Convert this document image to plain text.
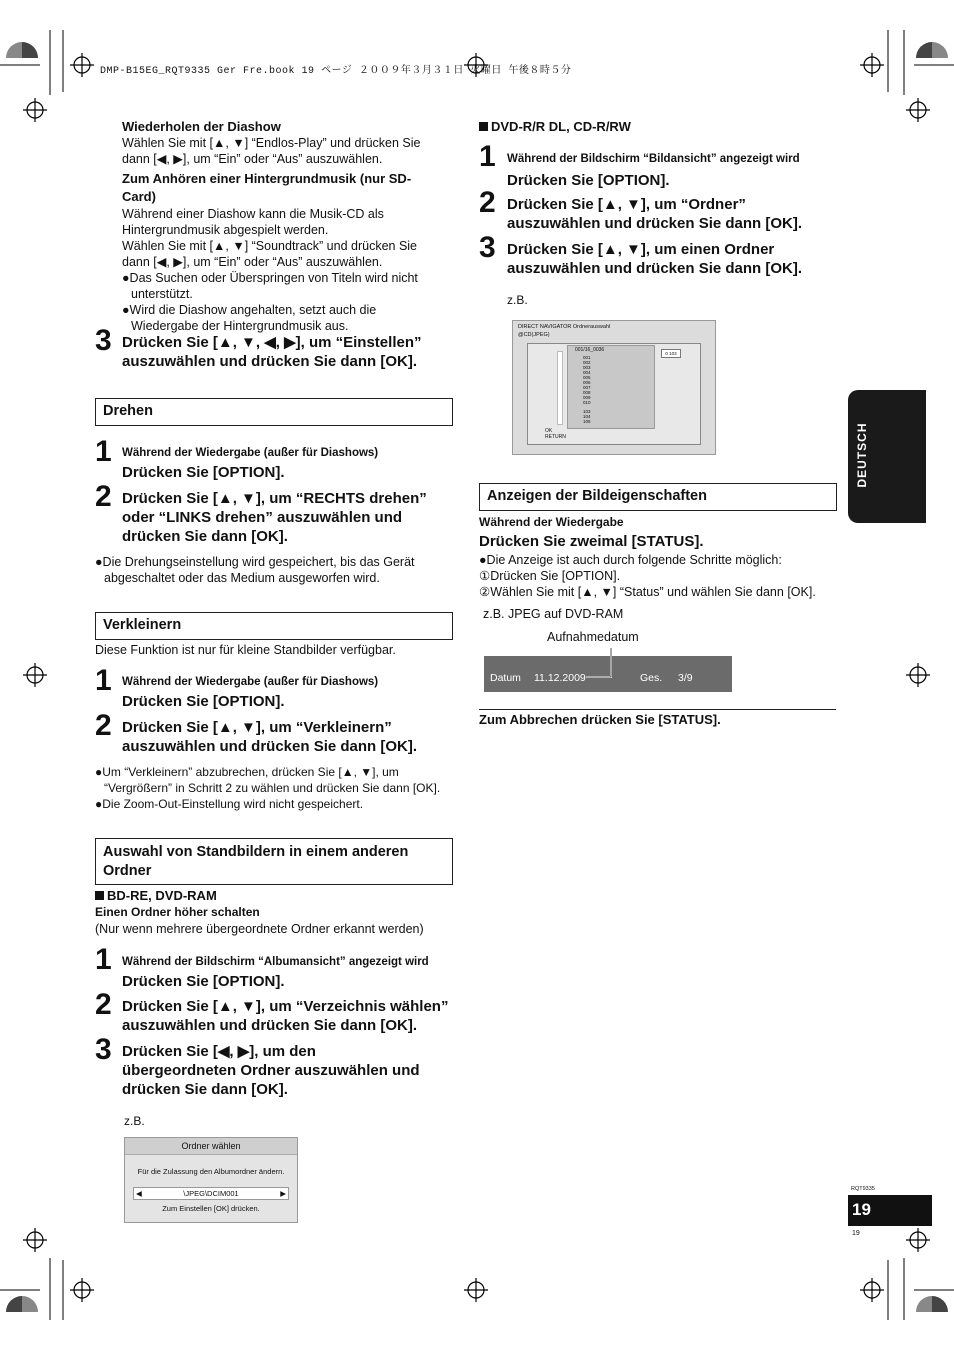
DMP-B15EG_RQT9335 Ger Fre.book 19 ページ ２００９年３月３１日 火曜日 午後８時５分
DEUTSCH
Wiederholen der Diashow
Wählen Sie mit [▲, ▼] “Endlos-Play” und drücken Sie
dann [◀, ▶], um “Ein” oder “Aus” auszuwählen.
Zum Anhören einer Hintergrundmusik (nur SD-
Card)
Während einer Diashow kann die Musik-CD als
Hintergrundmusik abgespielt werden.
Wählen Sie mit [▲, ▼] “Soundtrack” und drücken Sie
dann [◀, ▶], um “Ein” oder “Aus” auszuwählen.
●Das Suchen oder Überspringen von Titeln wird nicht
unterstützt.
●Wird die Diashow angehalten, setzt auch die
Wiedergabe der Hintergrundmusik aus.
3 Drücken Sie [▲, ▼, ◀, ▶], um “Einstellen”
auszuwählen und drücken Sie dann [OK].
Drehen
1 Während der Wiedergabe (außer für Diashows)
Drücken Sie [OPTION].
2 Drücken Sie [▲, ▼], um “RECHTS drehen”
oder “LINKS drehen” auszuwählen und
drücken Sie dann [OK].
●Die Drehungseinstellung wird gespeichert, bis das Gerät
abgeschaltet oder das Medium ausgeworfen wird.
Verkleinern
Diese Funktion ist nur für kleine Standbilder verfügbar.
1 Während der Wiedergabe (außer für Diashows)
Drücken Sie [OPTION].
2 Drücken Sie [▲, ▼], um “Verkleinern”
auszuwählen und drücken Sie dann [OK].
●Um “Verkleinern” abzubrechen, drücken Sie [▲, ▼], um
“Vergrößern” in Schritt 2 zu wählen und drücken Sie dann [OK].
●Die Zoom-Out-Einstellung wird nicht gespeichert.
Auswahl von Standbildern in einem anderen
Ordner
BD-RE, DVD-RAM
Einen Ordner höher schalten
(Nur wenn mehrere übergeordnete Ordner erkannt werden)
1 Während der Bildschirm “Albumansicht” angezeigt wird
Drücken Sie [OPTION].
2 Drücken Sie [▲, ▼], um “Verzeichnis wählen”
auszuwählen und drücken Sie dann [OK].
3 Drücken Sie [◀, ▶], um den
übergeordneten Ordner auszuwählen und
drücken Sie dann [OK].
z.B.
Ordner wählen
Für die Zulassung den Albumordner ändern.
◀	\JPEG\DCIM001	▶
Zum Einstellen [OK] drücken.
DVD-R/R DL, CD-R/RW
1 Während der Bildschirm “Bildansicht” angezeigt wird
Drücken Sie [OPTION].
2 Drücken Sie [▲, ▼], um “Ordner”
auszuwählen und drücken Sie dann [OK].
3 Drücken Sie [▲, ▼], um einen Ordner
auszuwählen und drücken Sie dann [OK].
z.B.
DIRECT NAVIGATOR Ordnerauswahl
@CD(JPEG)
001/16_0036
001
002
003
004
005
006
007
008
009
010
103
104
105
0 103
OK
RETURN
Anzeigen der Bildeigenschaften
Während der Wiedergabe
Drücken Sie zweimal [STATUS].
●Die Anzeige ist auch durch folgende Schritte möglich:
①Drücken Sie [OPTION].
②Wählen Sie mit [▲, ▼] “Status” und wählen Sie dann [OK].
z.B. JPEG auf DVD-RAM
Aufnahmedatum
Datum 11.12.2009	Ges. 3/9
Zum Abbrechen drücken Sie [STATUS].
RQT9335
19
19
